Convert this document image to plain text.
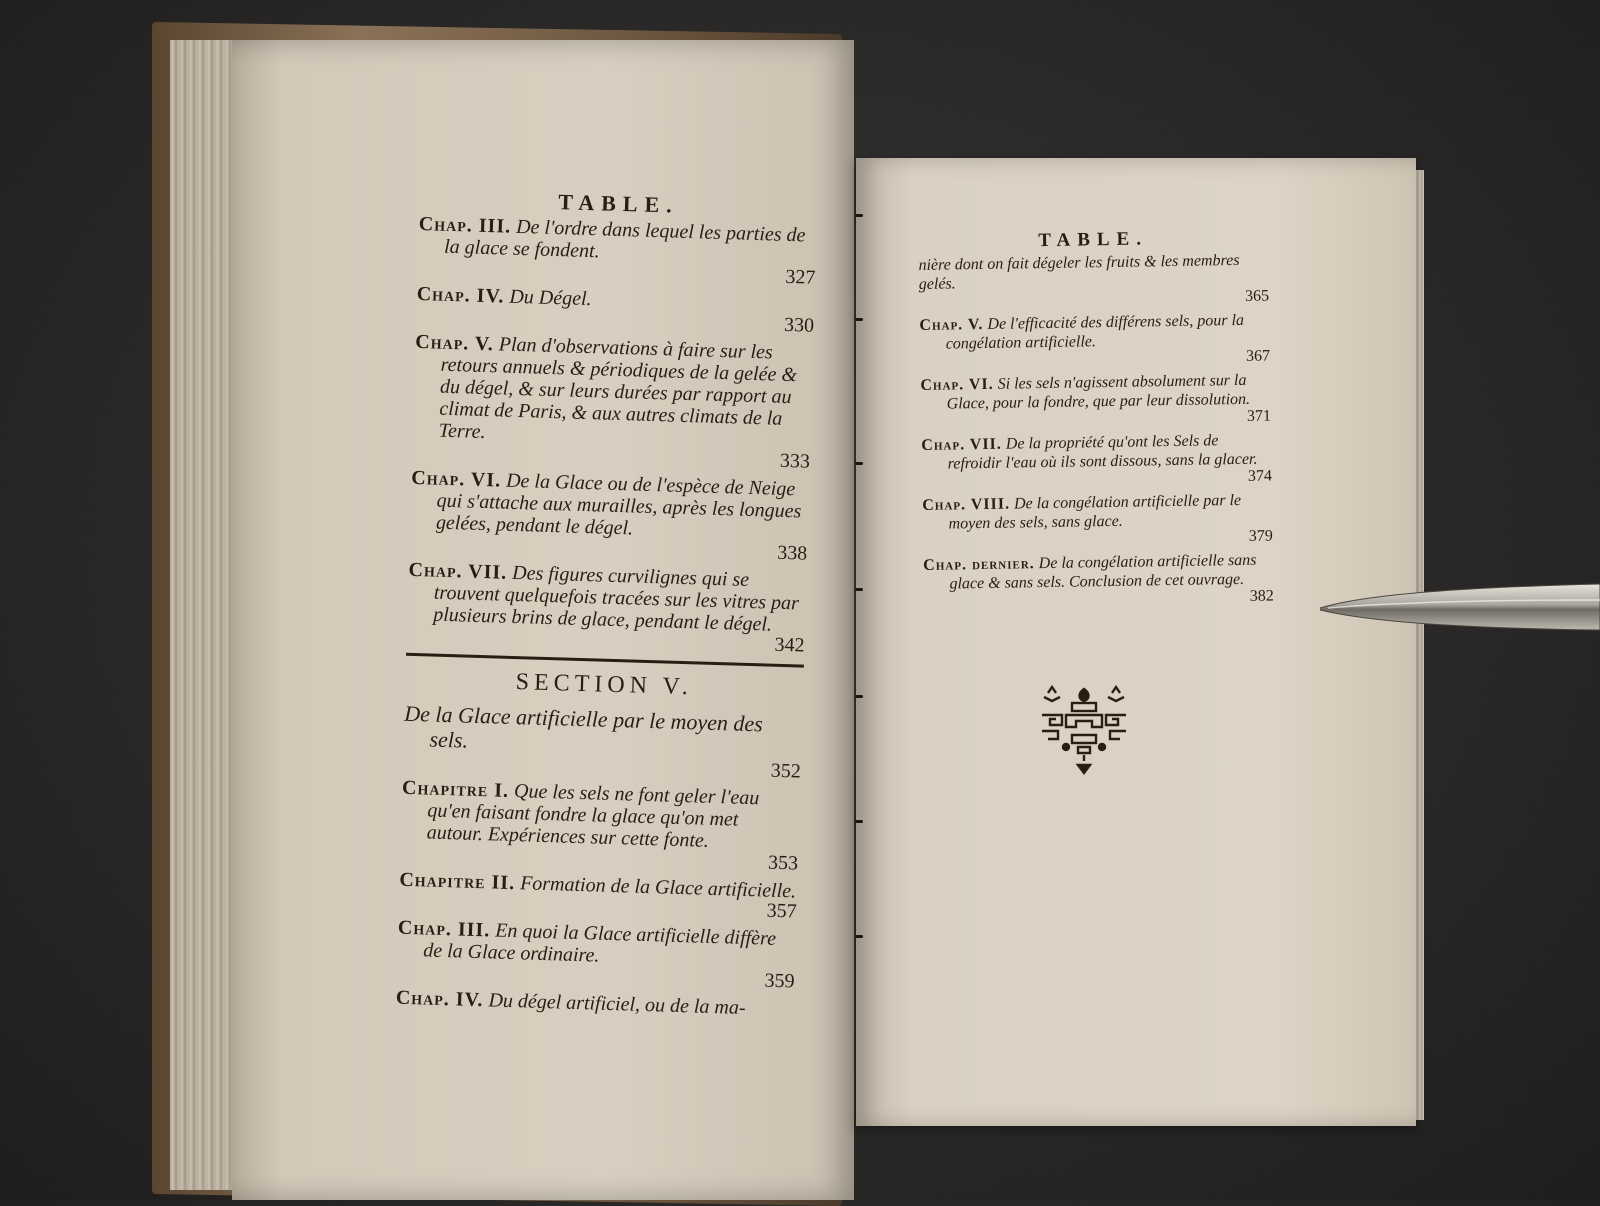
TABLE.
Chap. III. De l'ordre dans lequel les parties de la glace se fondent.
327
Chap. IV. Du Dégel.
330
Chap. V. Plan d'observations à faire sur les retours annuels & périodiques de la gelée & du dégel, & sur leurs durées par rapport au climat de Paris, & aux autres climats de la Terre.
333
Chap. VI. De la Glace ou de l'espèce de Neige qui s'attache aux murailles, après les longues gelées, pendant le dégel.
338
Chap. VII. Des figures curvilignes qui se trouvent quelquefois tracées sur les vitres par plusieurs brins de glace, pendant le dégel.
342
SECTION V.
De la Glace artificielle par le moyen des sels.
352
Chapitre I. Que les sels ne font geler l'eau qu'en faisant fondre la glace qu'on met autour. Expériences sur cette fonte.
353
Chapitre II. Formation de la Glace artificielle.
357
Chap. III. En quoi la Glace artificielle diffère de la Glace ordinaire.
359
Chap. IV. Du dégel artificiel, ou de la ma-
TABLE.
nière dont on fait dégeler les fruits & les membres gelés.
365
Chap. V. De l'efficacité des différens sels, pour la congélation artificielle.
367
Chap. VI. Si les sels n'agissent absolument sur la Glace, pour la fondre, que par leur dissolution.
371
Chap. VII. De la propriété qu'ont les Sels de refroidir l'eau où ils sont dissous, sans la glacer.
374
Chap. VIII. De la congélation artificielle par le moyen des sels, sans glace.
379
Chap. dernier. De la congélation artificielle sans glace & sans sels. Conclusion de cet ouvrage.
382
